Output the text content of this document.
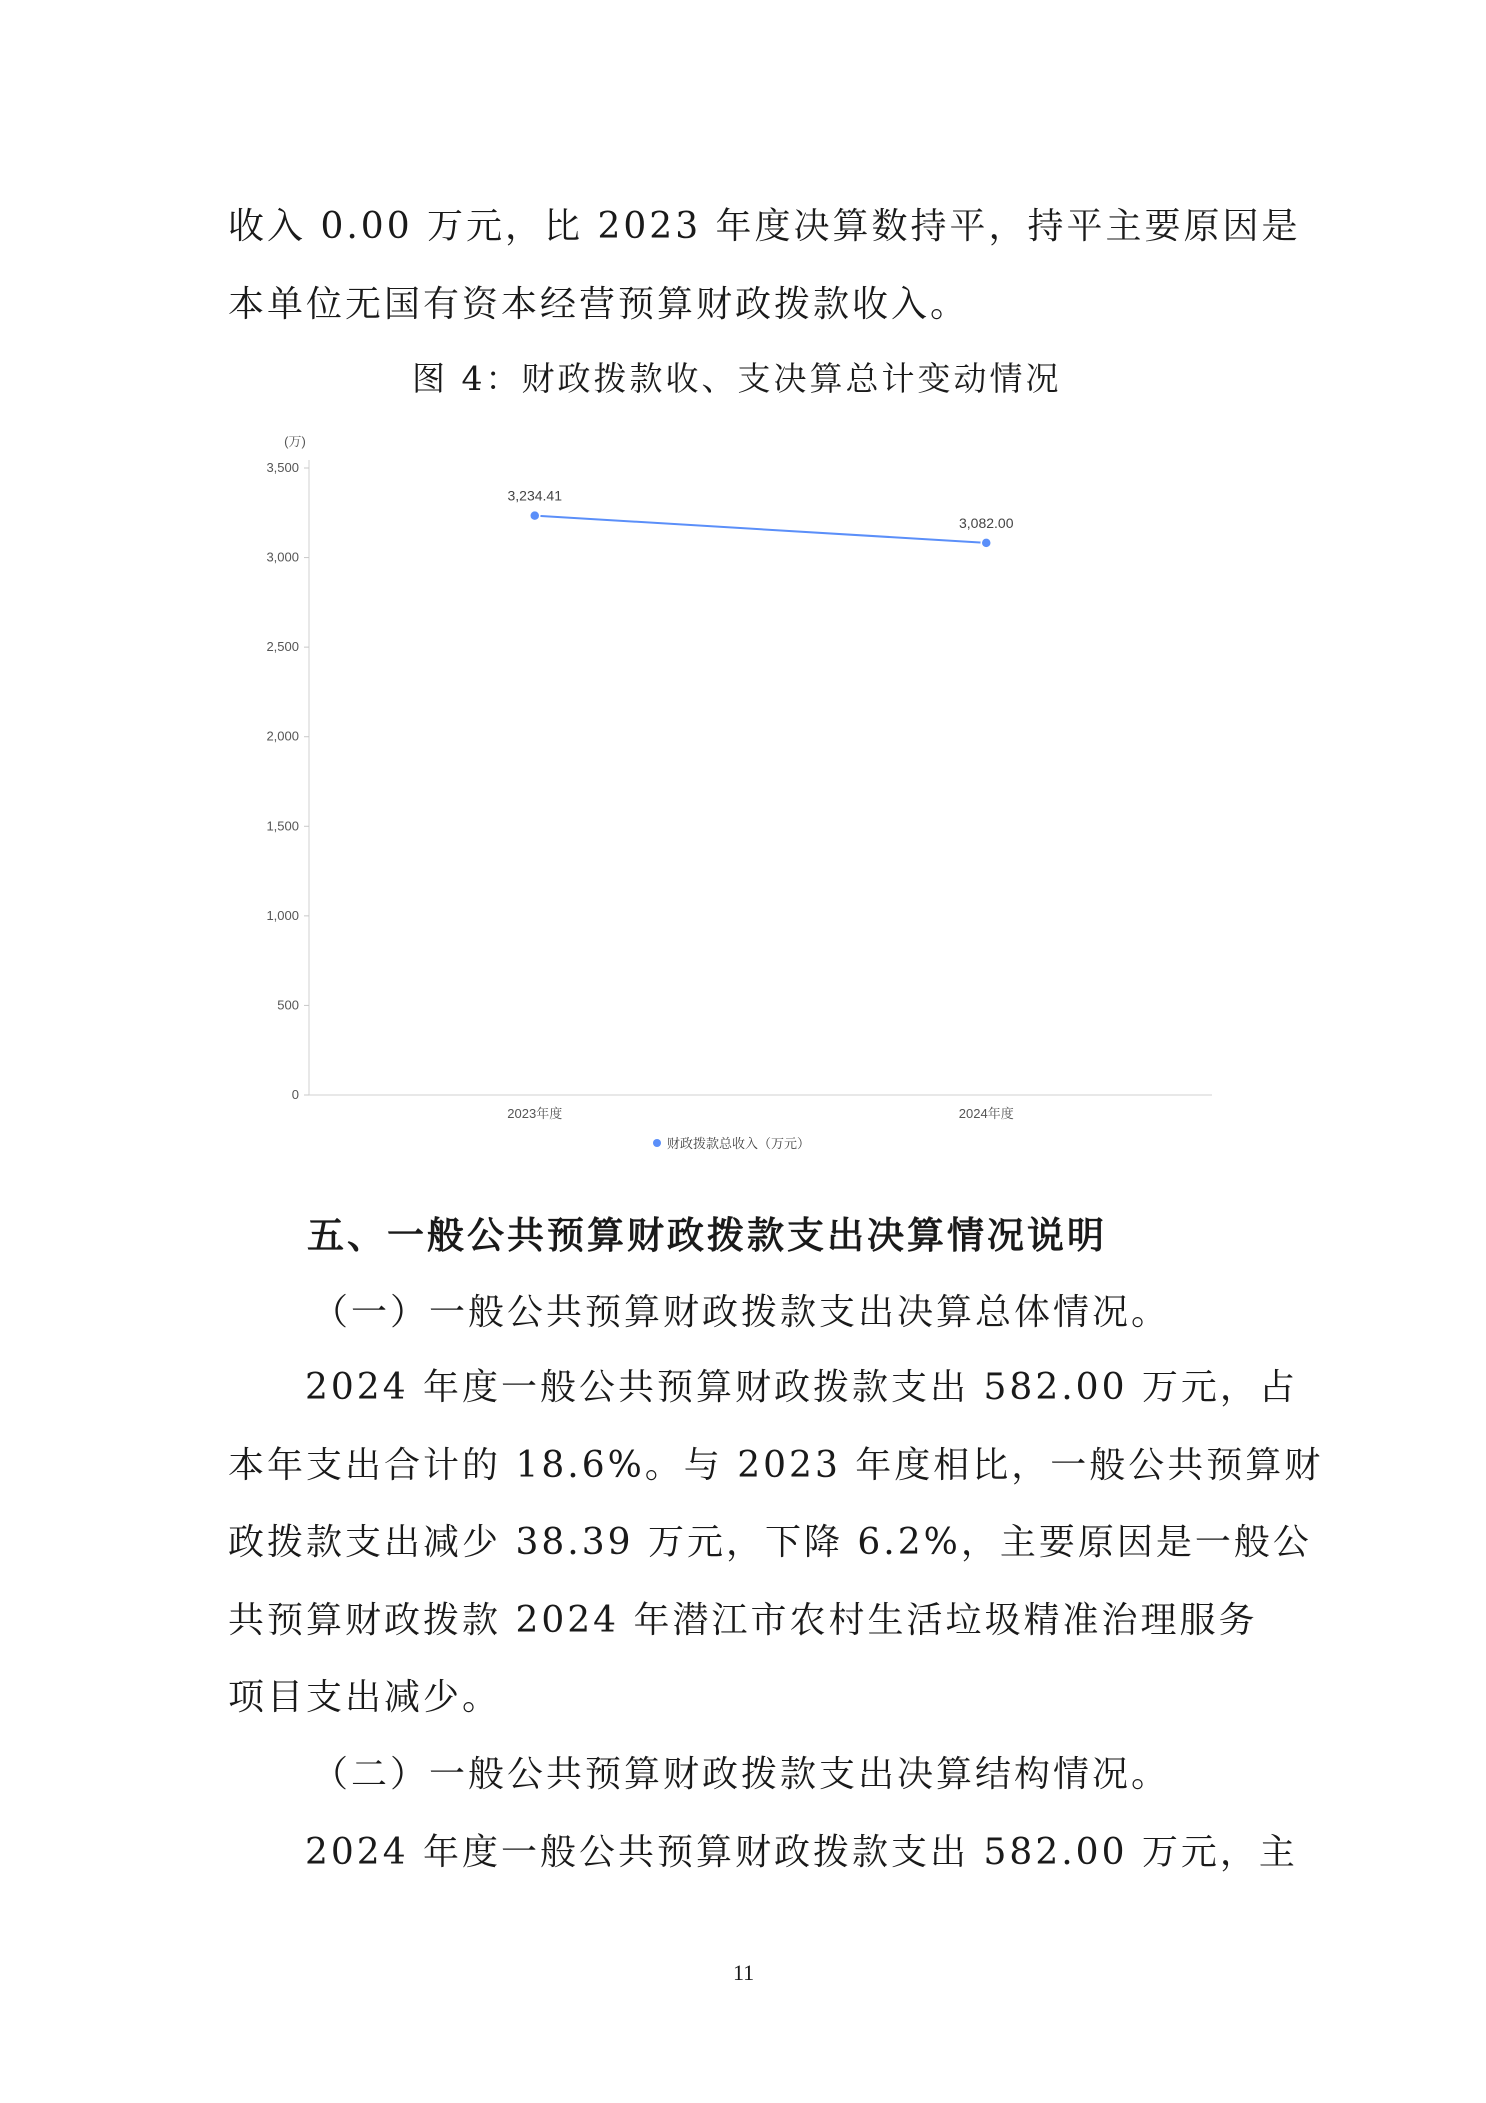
收入 0.00 万元，比 2023 年度决算数持平，持平主要原因是
本单位无国有资本经营预算财政拨款收入。
图 4：财政拨款收、支决算总计变动情况
0
500
1,000
1,500
2,000
2,500
3,000
3,500
2023年度	2024年度
3,234.41
3,082.00
财政拨款总收入（万元）
(万)
五、一般公共预算财政拨款支出决算情况说明
（一）一般公共预算财政拨款支出决算总体情况。
2024 年度一般公共预算财政拨款支出 582.00 万元，占
本年支出合计的 18.6%。与 2023 年度相比，一般公共预算财
政拨款支出减少 38.39 万元，下降 6.2%，主要原因是一般公
共预算财政拨款 2024 年潜江市农村生活垃圾精准治理服务
项目支出减少。
（二）一般公共预算财政拨款支出决算结构情况。
2024 年度一般公共预算财政拨款支出 582.00 万元，主
11
